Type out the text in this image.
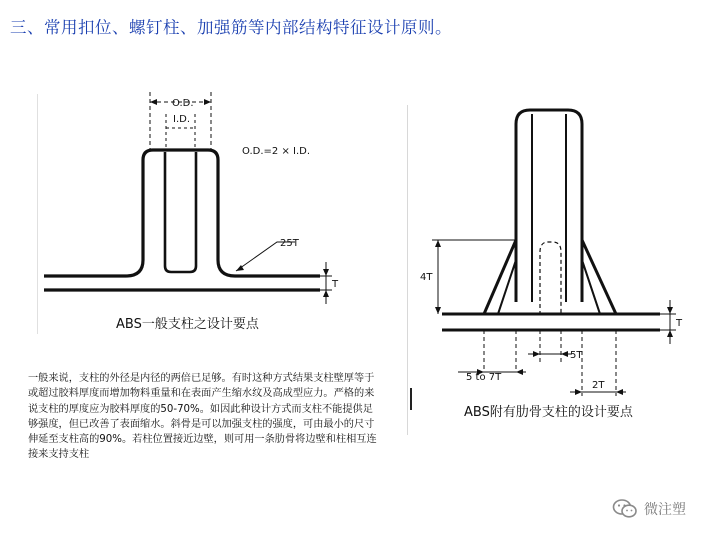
三、常用扣位、螺钉柱、加强筋等内部结构特征设计原则。
O.D.
I.D.
O.D.=2 × I.D.
25T
T
ABS一般支柱之设计要点
4T
T
5T
5 to 7T
2T
ABS附有肋骨支柱的设计要点
一般来说，支柱的外径是内径的两倍已足够。有时这种方式结果支柱壁厚等于或超过胶料厚度而增加物料重量和在表面产生缩水纹及高成型应力。严格的来说支柱的厚度应为胶料厚度的50-70%。如因此种设计方式而支柱不能提供足够强度，但已改善了表面缩水。斜骨是可以加强支柱的强度，可由最小的尺寸伸延至支柱高的90%。若柱位置接近边壁，则可用一条肋骨将边壁和柱相互连接来支持支柱
微注塑
